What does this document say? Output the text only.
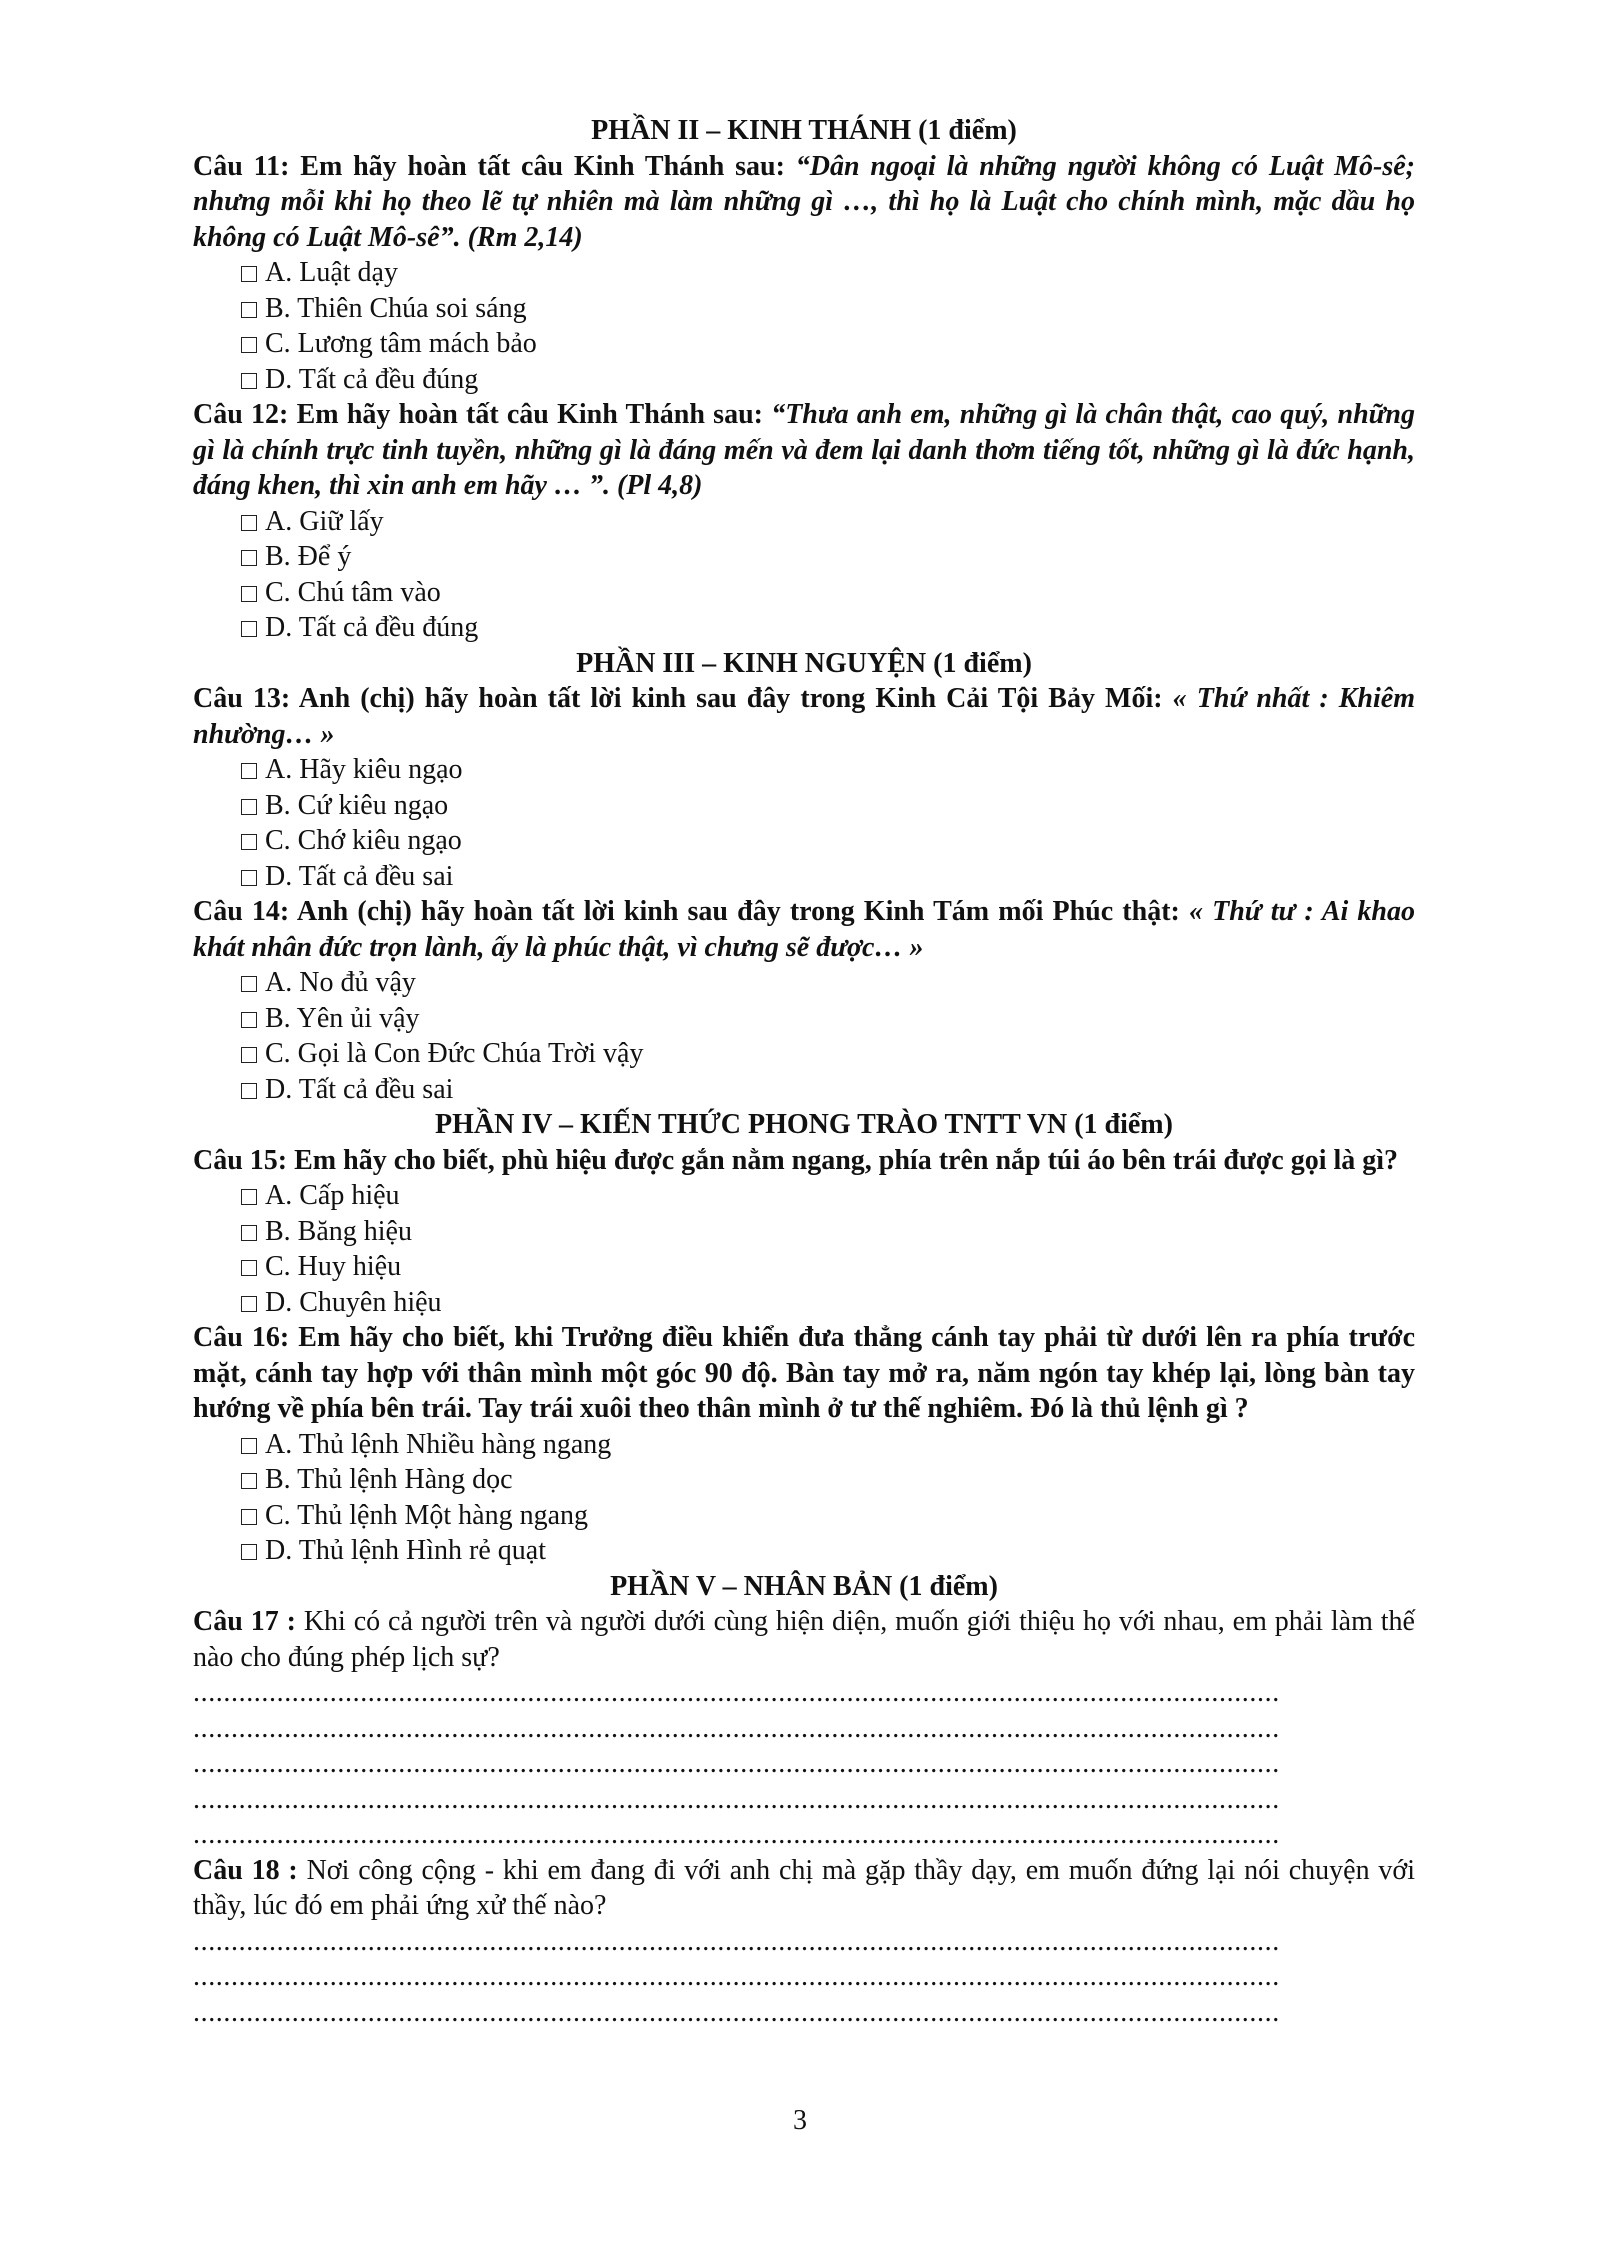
PHẦN II – KINH THÁNH (1 điểm)

Câu 11: Em hãy hoàn tất câu Kinh Thánh sau: “Dân ngoại là những người không có Luật Mô-sê; nhưng mỗi khi họ theo lẽ tự nhiên mà làm những gì …, thì họ là Luật cho chính mình, mặc dầu họ không có Luật Mô-sê”. (Rm 2,14)

A. Luật dạy
B. Thiên Chúa soi sáng
C. Lương tâm mách bảo
D. Tất cả đều đúng

Câu 12: Em hãy hoàn tất câu Kinh Thánh sau: “Thưa anh em, những gì là chân thật, cao quý, những gì là chính trực tinh tuyền, những gì là đáng mến và đem lại danh thơm tiếng tốt, những gì là đức hạnh, đáng khen, thì xin anh em hãy … ”. (Pl 4,8)

A. Giữ lấy
B. Để ý
C. Chú tâm vào
D. Tất cả đều đúng

PHẦN III – KINH NGUYỆN (1 điểm)

Câu 13: Anh (chị) hãy hoàn tất lời kinh sau đây trong Kinh Cải Tội Bảy Mối: « Thứ nhất : Khiêm nhường… »

A. Hãy kiêu ngạo
B. Cứ kiêu ngạo
C. Chớ kiêu ngạo
D. Tất cả đều sai

Câu 14: Anh (chị) hãy hoàn tất lời kinh sau đây trong Kinh Tám mối Phúc thật: « Thứ tư : Ai khao khát nhân đức trọn lành, ấy là phúc thật, vì chưng sẽ được… »

A. No đủ vậy
B. Yên ủi vậy
C. Gọi là Con Đức Chúa Trời vậy
D. Tất cả đều sai

PHẦN IV – KIẾN THỨC PHONG TRÀO TNTT VN (1 điểm)

Câu 15: Em hãy cho biết, phù hiệu được gắn nằm ngang, phía trên nắp túi áo bên trái được gọi là gì?

A. Cấp hiệu
B. Băng hiệu
C. Huy hiệu
D. Chuyên hiệu

Câu 16: Em hãy cho biết, khi Trưởng điều khiển đưa thẳng cánh tay phải từ dưới lên ra phía trước mặt, cánh tay hợp với thân mình một góc 90 độ. Bàn tay mở ra, năm ngón tay khép lại, lòng bàn tay hướng về phía bên trái. Tay trái xuôi theo thân mình ở tư thế nghiêm. Đó là thủ lệnh gì ?

A. Thủ lệnh Nhiều hàng ngang
B. Thủ lệnh Hàng dọc
C. Thủ lệnh Một hàng ngang
D. Thủ lệnh Hình rẻ quạt

PHẦN V – NHÂN BẢN (1 điểm)

Câu 17 : Khi có cả người trên và người dưới cùng hiện diện, muốn giới thiệu họ với nhau, em phải làm thế nào cho đúng phép lịch sự?

...............................................................................................................................................

...............................................................................................................................................

...............................................................................................................................................

...............................................................................................................................................

...............................................................................................................................................

Câu 18 : Nơi công cộng - khi em đang đi với anh chị mà gặp thầy dạy, em muốn đứng lại nói chuyện với thầy, lúc đó em phải ứng xử thế nào?

...............................................................................................................................................

...............................................................................................................................................

...............................................................................................................................................

3
